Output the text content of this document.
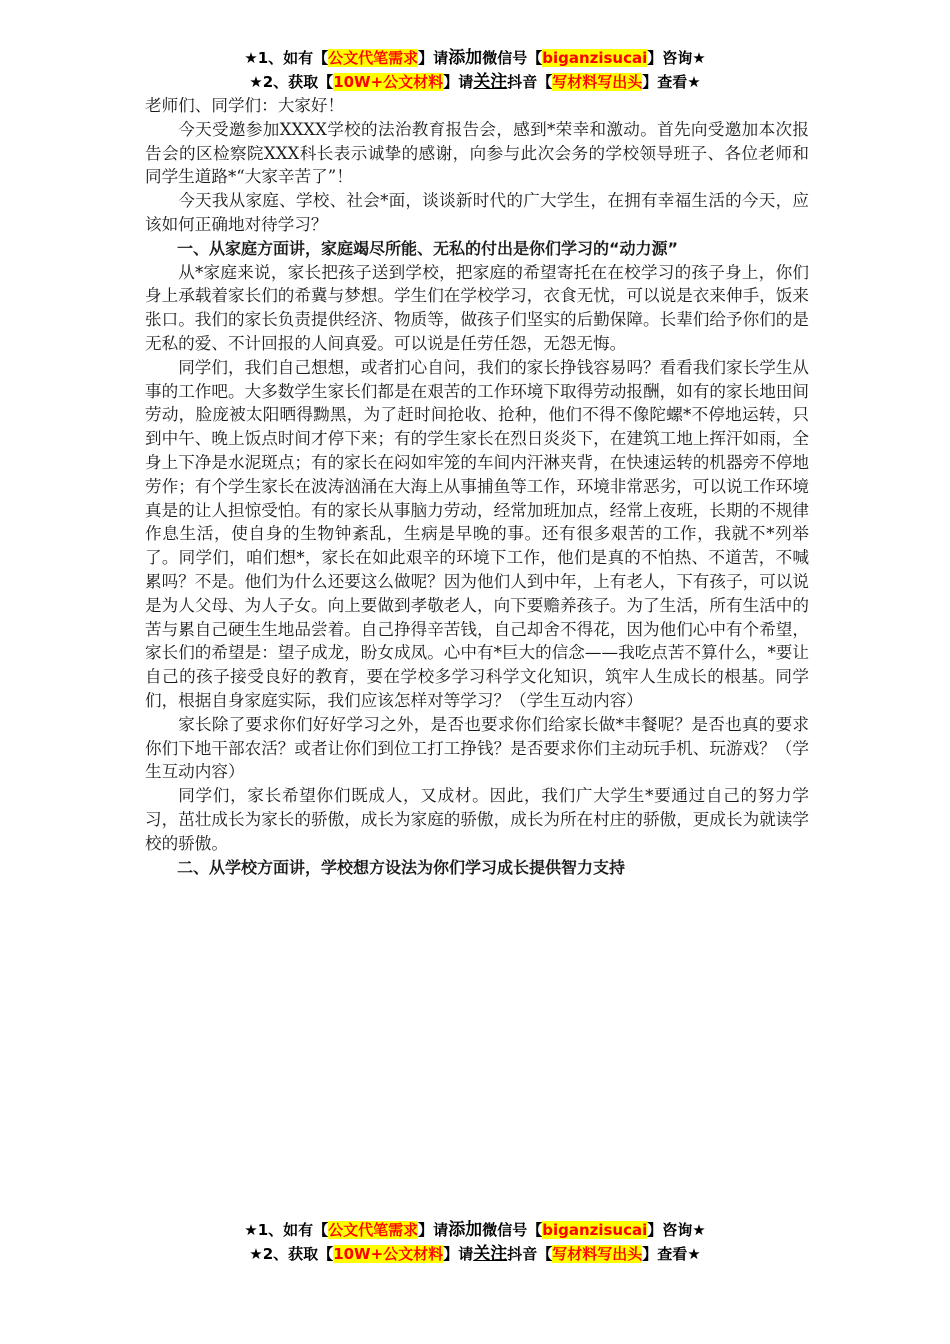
★1、如有【公文代笔需求】请添加微信号【biganzisucai】咨询★
★2、获取【10W+公文材料】请关注抖音【写材料写出头】查看★

老师们、同学们：大家好！

今天受邀参加XXXX学校的法治教育报告会，感到*荣幸和激动。首先向受邀加本次报告会的区检察院XXX科长表示诚挚的感谢，向参与此次会务的学校领导班子、各位老师和同学生道路*“大家辛苦了”！

今天我从家庭、学校、社会*面，谈谈新时代的广大学生，在拥有幸福生活的今天，应该如何正确地对待学习？

一、从家庭方面讲，家庭竭尽所能、无私的付出是你们学习的“动力源”

从*家庭来说，家长把孩子送到学校，把家庭的希望寄托在在校学习的孩子身上，你们身上承载着家长们的希冀与梦想。学生们在学校学习，衣食无忧，可以说是衣来伸手，饭来张口。我们的家长负责提供经济、物质等，做孩子们坚实的后勤保障。长辈们给予你们的是无私的爱、不计回报的人间真爱。可以说是任劳任怨，无怨无悔。

同学们，我们自己想想，或者扪心自问，我们的家长挣钱容易吗？看看我们家长学生从事的工作吧。大多数学生家长们都是在艰苦的工作环境下取得劳动报酬，如有的家长地田间劳动，脸庞被太阳晒得黝黑，为了赶时间抢收、抢种，他们不得不像陀螺*不停地运转，只到中午、晚上饭点时间才停下来；有的学生家长在烈日炎炎下，在建筑工地上挥汗如雨，全身上下净是水泥斑点；有的家长在闷如牢笼的车间内汗淋夹背，在快速运转的机器旁不停地劳作；有个学生家长在波涛汹涌在大海上从事捕鱼等工作，环境非常恶劣，可以说工作环境真是的让人担惊受怕。有的家长从事脑力劳动，经常加班加点，经常上夜班，长期的不规律作息生活，使自身的生物钟紊乱，生病是早晚的事。还有很多艰苦的工作，我就不*列举了。同学们，咱们想*，家长在如此艰辛的环境下工作，他们是真的不怕热、不道苦，不喊累吗？不是。他们为什么还要这么做呢？因为他们人到中年，上有老人，下有孩子，可以说是为人父母、为人子女。向上要做到孝敬老人，向下要赡养孩子。为了生活，所有生活中的苦与累自己硬生生地品尝着。自己挣得辛苦钱，自己却舍不得花，因为他们心中有个希望，家长们的希望是：望子成龙，盼女成凤。心中有*巨大的信念——我吃点苦不算什么，*要让自己的孩子接受良好的教育，要在学校多学习科学文化知识，筑牢人生成长的根基。同学们，根据自身家庭实际，我们应该怎样对等学习？（学生互动内容）

家长除了要求你们好好学习之外，是否也要求你们给家长做*丰餐呢？是否也真的要求你们下地干部农活？或者让你们到位工打工挣钱？是否要求你们主动玩手机、玩游戏？（学生互动内容）

同学们，家长希望你们既成人，又成材。因此，我们广大学生*要通过自己的努力学习，茁壮成长为家长的骄傲，成长为家庭的骄傲，成长为所在村庄的骄傲，更成长为就读学校的骄傲。

二、从学校方面讲，学校想方设法为你们学习成长提供智力支持

★1、如有【公文代笔需求】请添加微信号【biganzisucai】咨询★
★2、获取【10W+公文材料】请关注抖音【写材料写出头】查看★
